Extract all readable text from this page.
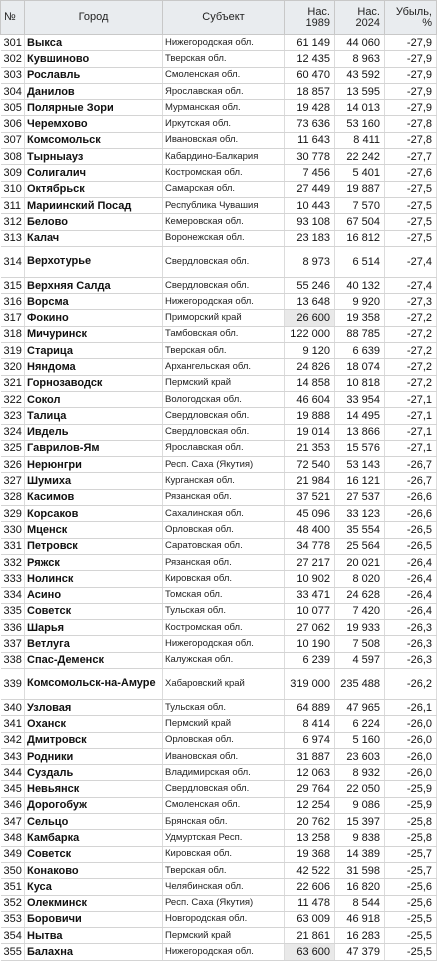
№	Город	Субъект	Нас. 1989	Нас. 2024	Убыль, %
301	Выкса	Нижегородская обл.	61 149	44 060	-27,9
302	Кувшиново	Тверская обл.	12 435	8 963	-27,9
303	Рославль	Смоленская обл.	60 470	43 592	-27,9
304	Данилов	Ярославская обл.	18 857	13 595	-27,9
305	Полярные Зори	Мурманская обл.	19 428	14 013	-27,9
306	Черемхово	Иркутская обл.	73 636	53 160	-27,8
307	Комсомольск	Ивановская обл.	11 643	8 411	-27,8
308	Тырныауз	Кабардино-Балкария	30 778	22 242	-27,7
309	Солигалич	Костромская обл.	7 456	5 401	-27,6
310	Октябрьск	Самарская обл.	27 449	19 887	-27,5
311	Мариинский Посад	Республика Чувашия	10 443	7 570	-27,5
312	Белово	Кемеровская обл.	93 108	67 504	-27,5
313	Калач	Воронежская обл.	23 183	16 812	-27,5
314	Верхотурье	Свердловская обл.	8 973	6 514	-27,4
315	Верхняя Салда	Свердловская обл.	55 246	40 132	-27,4
316	Ворсма	Нижегородская обл.	13 648	9 920	-27,3
317	Фокино	Приморский край	26 600	19 358	-27,2
318	Мичуринск	Тамбовская обл.	122 000	88 785	-27,2
319	Старица	Тверская обл.	9 120	6 639	-27,2
320	Няндома	Архангельская обл.	24 826	18 074	-27,2
321	Горнозаводск	Пермский край	14 858	10 818	-27,2
322	Сокол	Вологодская обл.	46 604	33 954	-27,1
323	Талица	Свердловская обл.	19 888	14 495	-27,1
324	Ивдель	Свердловская обл.	19 014	13 866	-27,1
325	Гаврилов-Ям	Ярославская обл.	21 353	15 576	-27,1
326	Нерюнгри	Респ. Саха (Якутия)	72 540	53 143	-26,7
327	Шумиха	Курганская обл.	21 984	16 121	-26,7
328	Касимов	Рязанская обл.	37 521	27 537	-26,6
329	Корсаков	Сахалинская обл.	45 096	33 123	-26,6
330	Мценск	Орловская обл.	48 400	35 554	-26,5
331	Петровск	Саратовская обл.	34 778	25 564	-26,5
332	Ряжск	Рязанская обл.	27 217	20 021	-26,4
333	Нолинск	Кировская обл.	10 902	8 020	-26,4
334	Асино	Томская обл.	33 471	24 628	-26,4
335	Советск	Тульская обл.	10 077	7 420	-26,4
336	Шарья	Костромская обл.	27 062	19 933	-26,3
337	Ветлуга	Нижегородская обл.	10 190	7 508	-26,3
338	Спас-Деменск	Калужская обл.	6 239	4 597	-26,3
339	Комсомольск-на-Амуре	Хабаровский край	319 000	235 488	-26,2
340	Узловая	Тульская обл.	64 889	47 965	-26,1
341	Оханск	Пермский край	8 414	6 224	-26,0
342	Дмитровск	Орловская обл.	6 974	5 160	-26,0
343	Родники	Ивановская обл.	31 887	23 603	-26,0
344	Суздаль	Владимирская обл.	12 063	8 932	-26,0
345	Невьянск	Свердловская обл.	29 764	22 050	-25,9
346	Дорогобуж	Смоленская обл.	12 254	9 086	-25,9
347	Сельцо	Брянская обл.	20 762	15 397	-25,8
348	Камбарка	Удмуртская Респ.	13 258	9 838	-25,8
349	Советск	Кировская обл.	19 368	14 389	-25,7
350	Конаково	Тверская обл.	42 522	31 598	-25,7
351	Куса	Челябинская обл.	22 606	16 820	-25,6
352	Олекминск	Респ. Саха (Якутия)	11 478	8 544	-25,6
353	Боровичи	Новгородская обл.	63 009	46 918	-25,5
354	Нытва	Пермский край	21 861	16 283	-25,5
355	Балахна	Нижегородская обл.	63 600	47 379	-25,5
